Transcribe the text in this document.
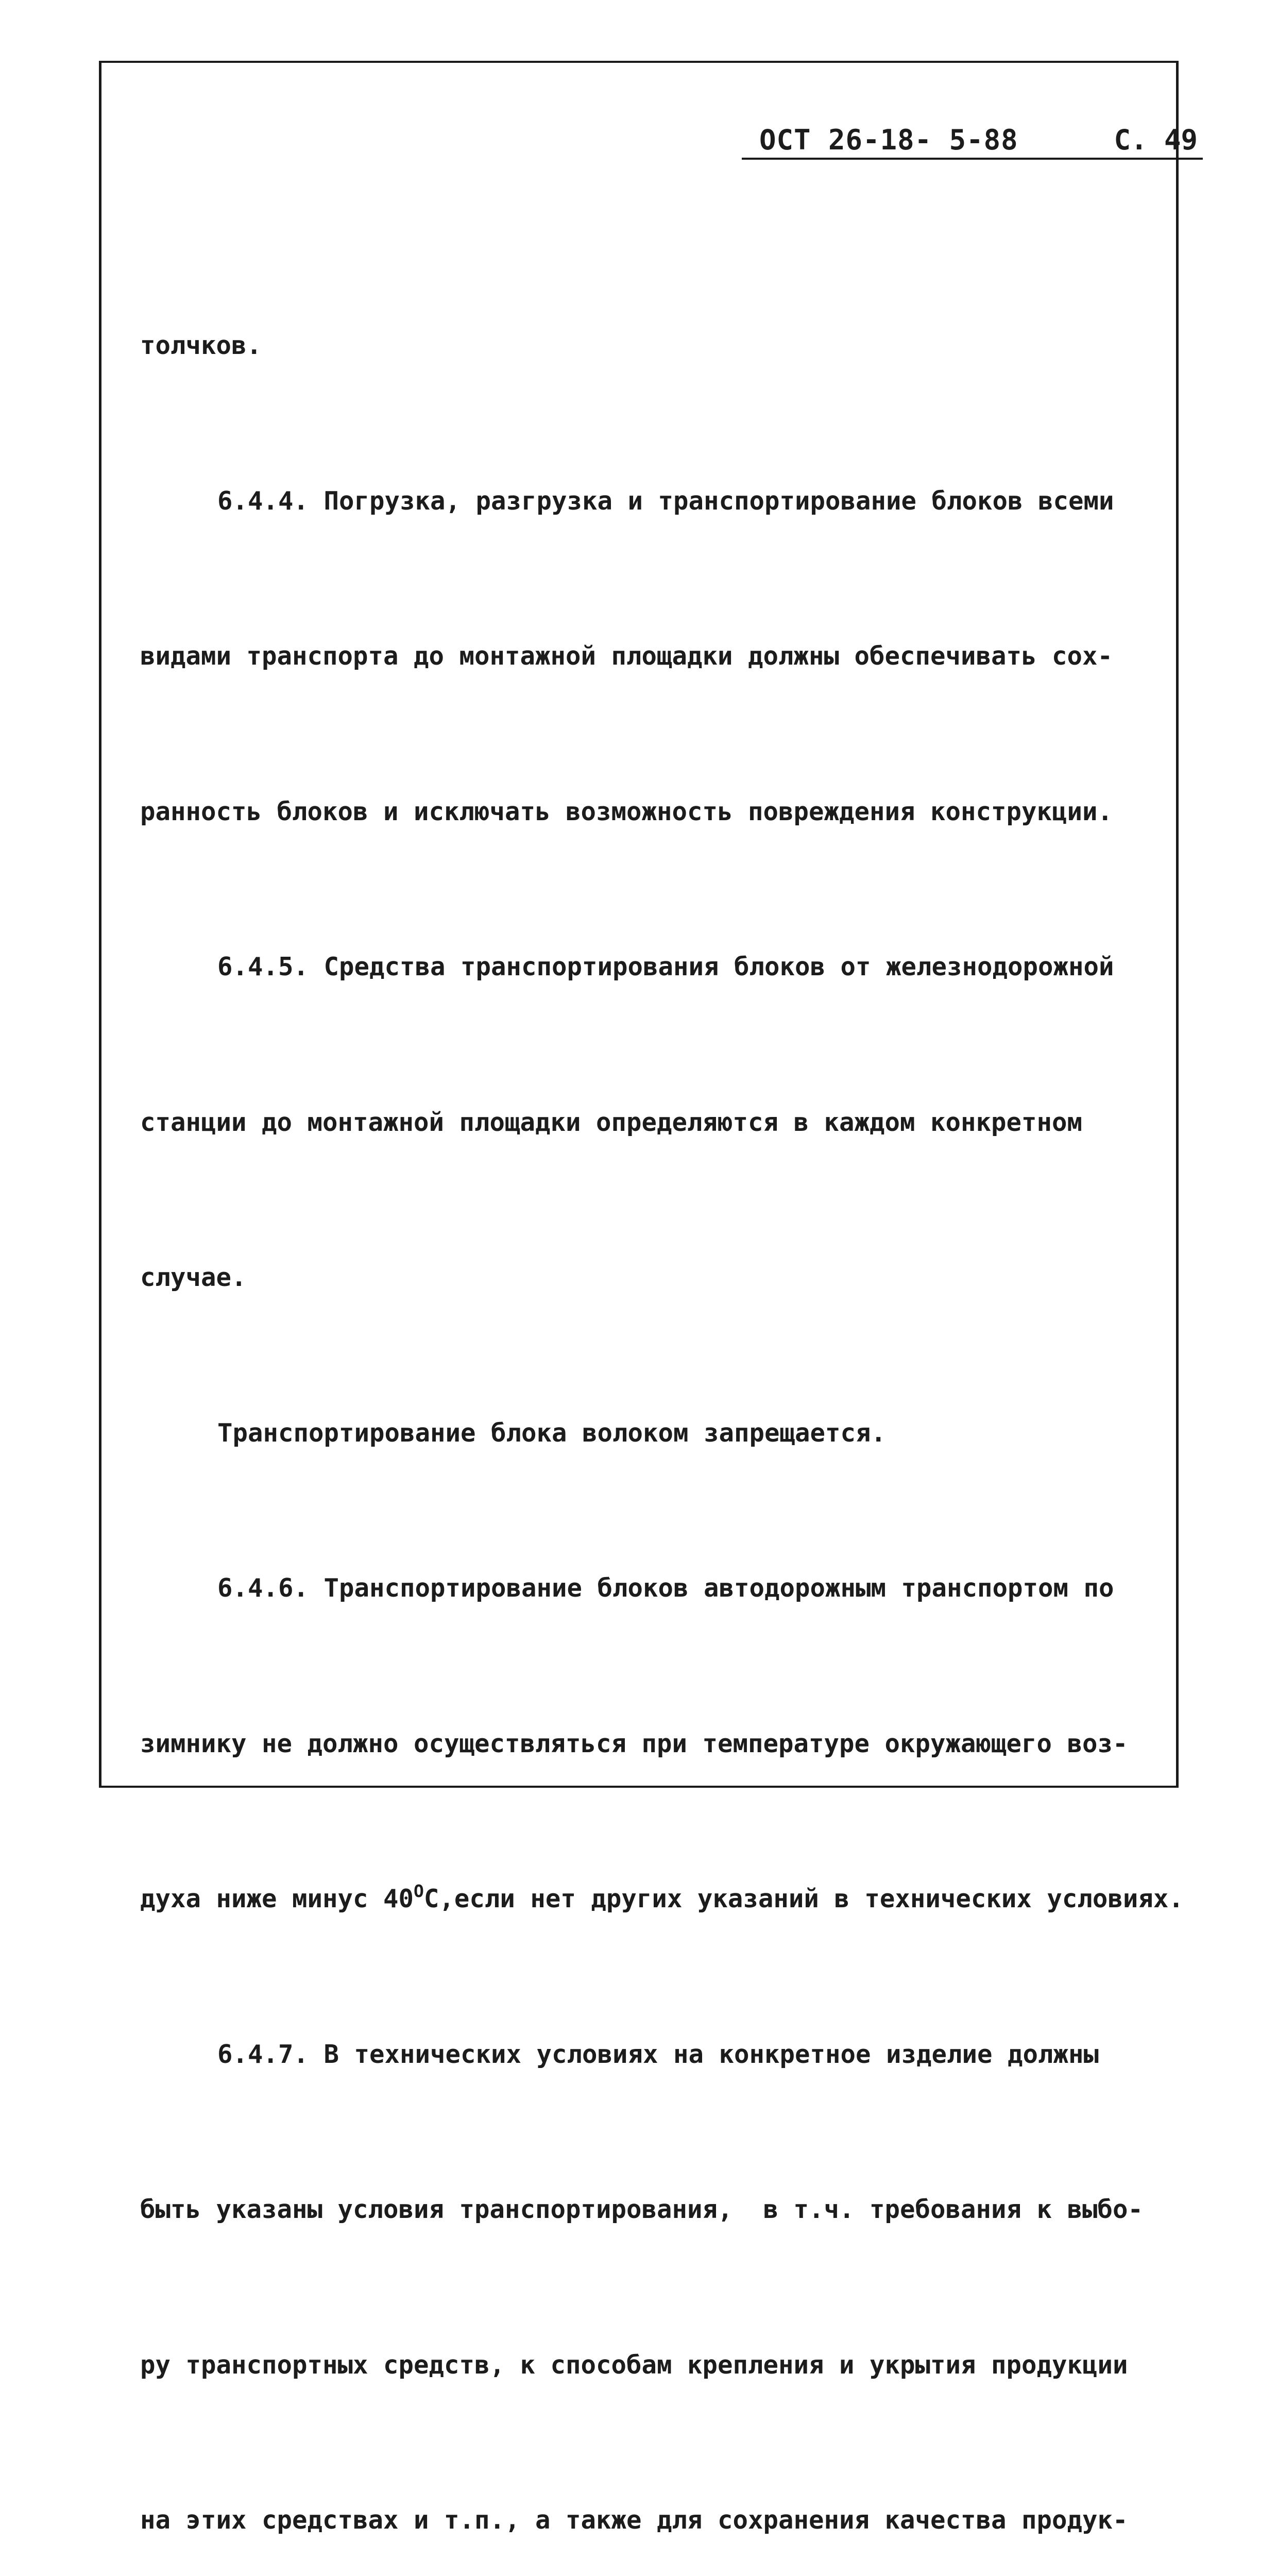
ОСТ 26-18- 5-88	С. 49

толчков.

6.4.4. Погрузка, разгрузка и транспортирование блоков всеми

видами транспорта до монтажной площадки должны обеспечивать сох-

ранность блоков и исключать возможность повреждения конструкции.

6.4.5. Средства транспортирования блоков от железнодорожной

станции до монтажной площадки определяются в каждом конкретном

случае.

Транспортирование блока волоком запрещается.

6.4.6. Транспортирование блоков автодорожным транспортом по

зимнику не должно осуществляться при температуре окружающего воз-

духа ниже минус $40^ОС,если$ нет других указаний в технических условиях.

6.4.7. В технических условиях на конкретное изделие должны

быть указаны условия транспортирования,  в т.ч. требования к выбо-

ру транспортных средств, к способам крепления и укрытия продукции

на этих средствах и т.п., а также для сохранения качества продук-
